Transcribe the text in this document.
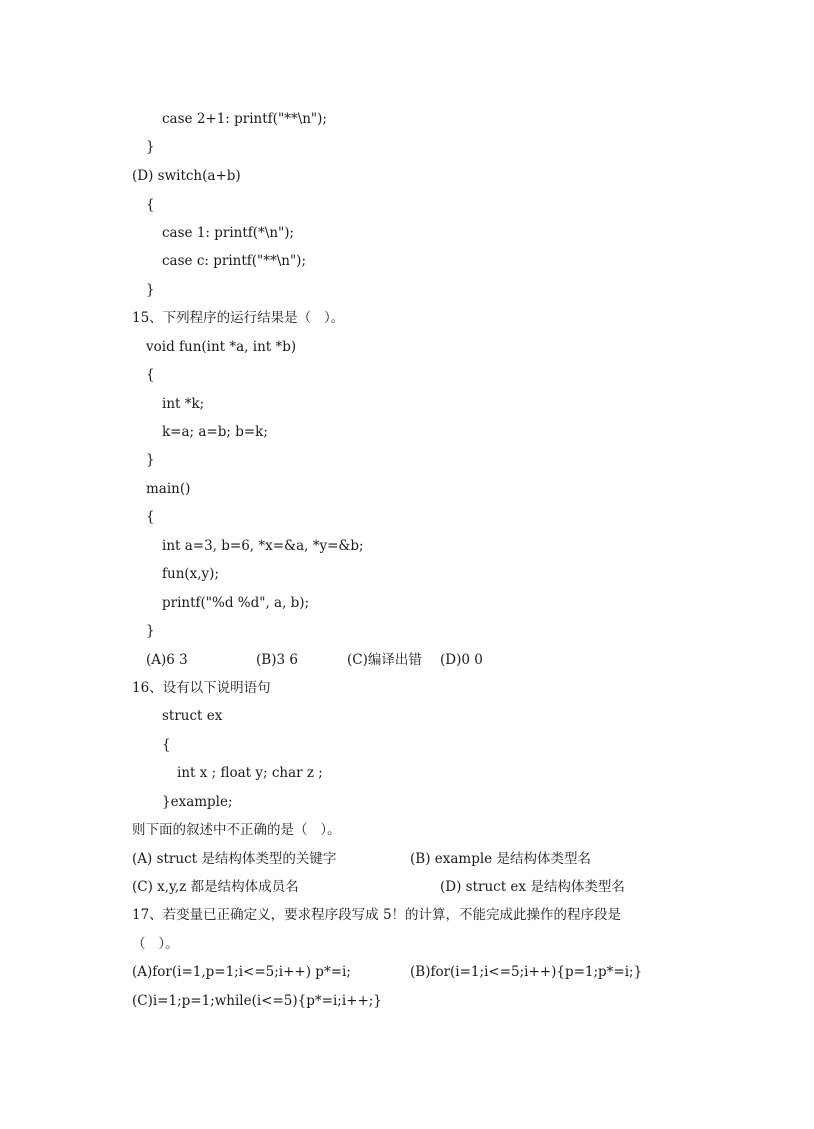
case 2+1: printf("**\n");
}
(D) switch(a+b)
{
case 1: printf(*\n");
case c: printf("**\n");
}
15、下列程序的运行结果是（   ）。
void fun(int *a, int *b)
{
int *k;
k=a; a=b; b=k;
}
main()
{
int a=3, b=6, *x=&a, *y=&b;
fun(x,y);
printf("%d %d", a, b);
}
(A)6 3	(B)3 6	(C)编译出错 (D)0 0
16、设有以下说明语句
struct ex
{
int x ; float y; char z ;
}example;
则下面的叙述中不正确的是（   ）。
(A) struct 是结构体类型的关键字	(B) example 是结构体类型名
(C) x,y,z 都是结构体成员名	(D) struct ex 是结构体类型名
17、若变量已正确定义，要求程序段写成 5！的计算，不能完成此操作的程序段是
（   ）。
(A)for(i=1,p=1;i<=5;i++) p*=i;	(B)for(i=1;i<=5;i++){p=1;p*=i;}
(C)i=1;p=1;while(i<=5){p*=i;i++;}
